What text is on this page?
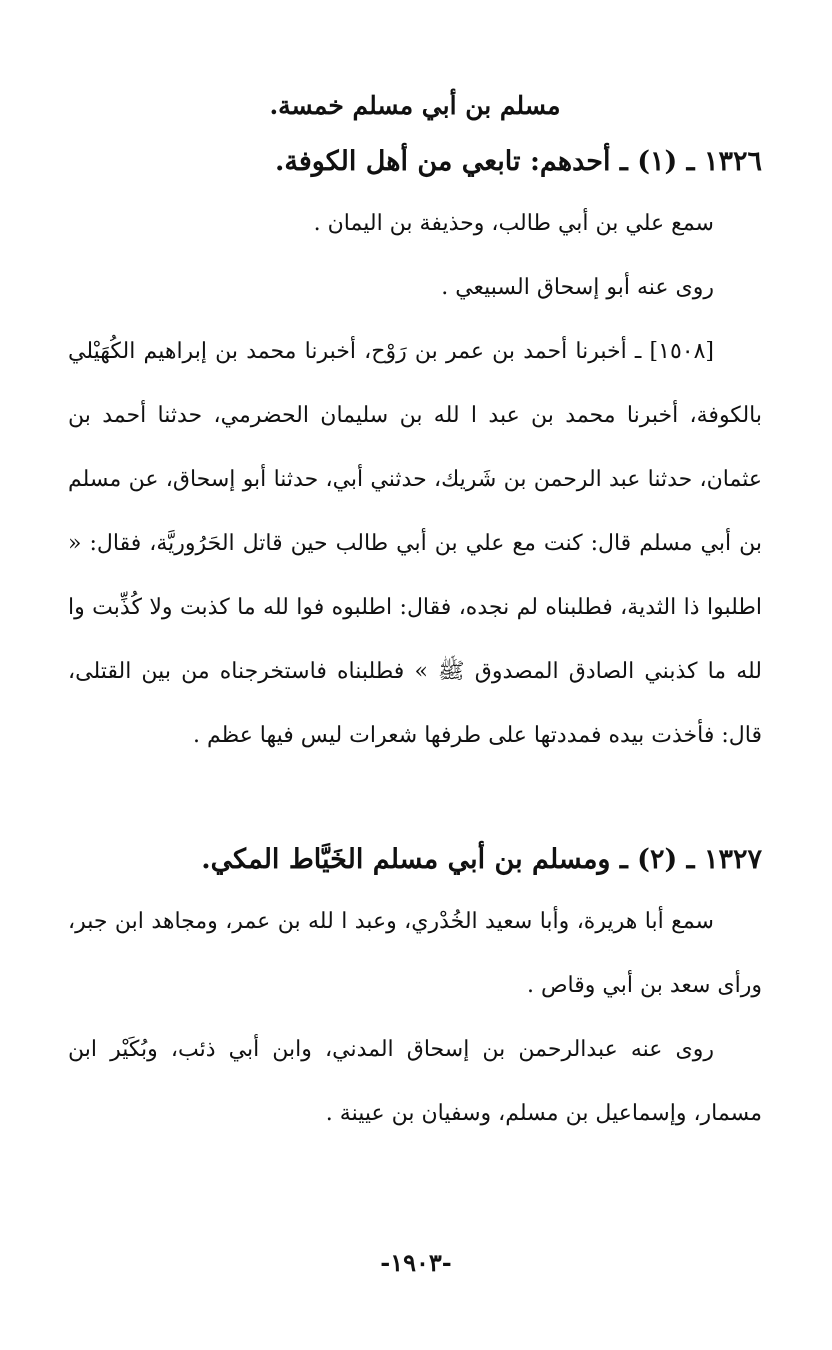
مسلم بن أبي مسلم خمسة.

١٣٢٦ ـ (١) ـ أحدهم: تابعي من أهل الكوفة.

سمع علي بن أبي طالب، وحذيفة بن اليمان .

روى عنه أبو إسحاق السبيعي .

[١٥٠٨] ـ أخبرنا أحمد بن عمر بن رَوْح، أخبرنا محمد بن إبراهيم الكُهَيْلي بالكوفة، أخبرنا محمد بن عبد ا لله بن سليمان الحضرمي، حدثنا أحمد بن عثمان، حدثنا عبد الرحمن بن شَريك، حدثني أبي، حدثنا أبو إسحاق، عن مسلم بن أبي مسلم قال: كنت مع علي بن أبي طالب حين قاتل الحَرُوريَّة، فقال: « اطلبوا ذا الثدية، فطلبناه لم نجده، فقال: اطلبوه فوا لله ما كذبت ولا كُذِّبت وا لله ما كذبني الصادق المصدوق ﷺ » فطلبناه فاستخرجناه من بين القتلى، قال: فأخذت بيده فمددتها على طرفها شعرات ليس فيها عظم .

١٣٢٧ ـ (٢) ـ ومسلم بن أبي مسلم الخَيَّاط المكي.

سمع أبا هريرة، وأبا سعيد الخُدْري، وعبد ا لله بن عمر، ومجاهد ابن جبر، ورأى سعد بن أبي وقاص .

روى عنه عبدالرحمن بن إسحاق المدني، وابن أبي ذئب، وبُكَيْر ابن مسمار، وإسماعيل بن مسلم، وسفيان بن عيينة .

-١٩٠٣-
